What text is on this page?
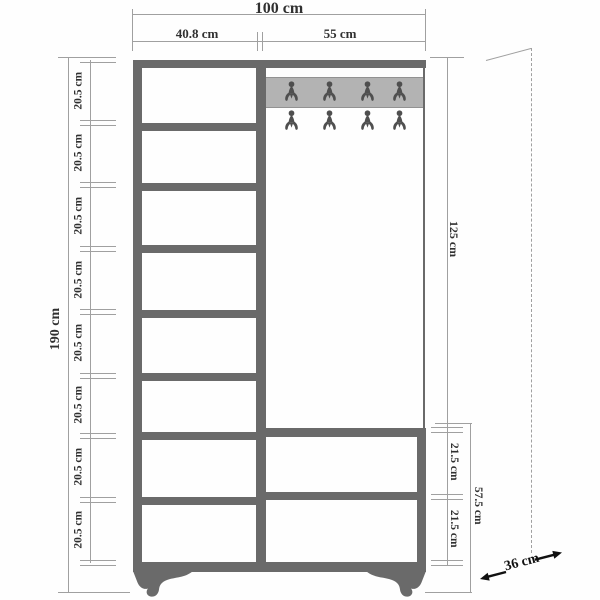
100 cm
40.8 cm	55 cm
190 cm
20.5 cm
20.5 cm
20.5 cm
20.5 cm
20.5 cm
20.5 cm
20.5 cm
20.5 cm
125 cm
21.5 cm
21.5 cm
57.5 cm
36 cm
